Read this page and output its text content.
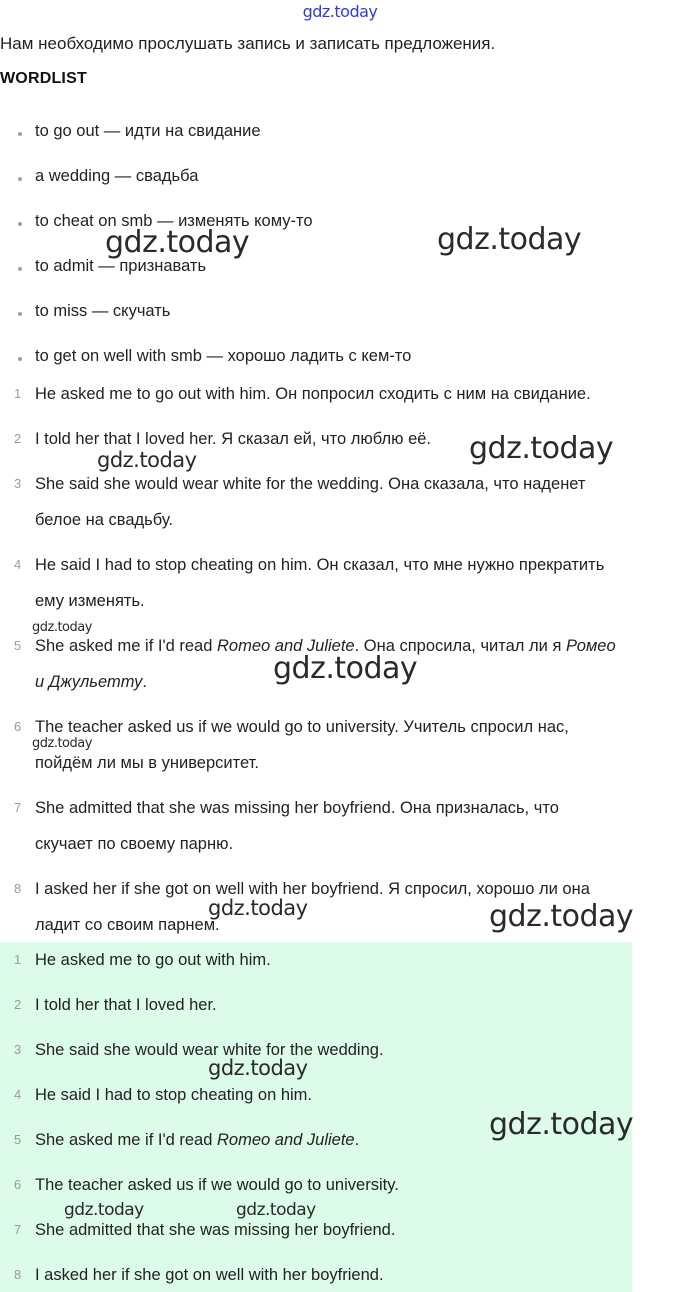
gdz.today
Нам необходимо прослушать запись и записать предложения.
WORDLIST
to go out — идти на свидание
a wedding — свадьба
to cheat on smb — изменять кому-то
to admit — признавать
to miss — скучать
to get on well with smb — хорошо ладить с кем-то
1 He asked me to go out with him. Он попросил сходить с ним на свидание.
2 I told her that I loved her. Я сказал ей, что люблю её.
3 She said she would wear white for the wedding. Она сказала, что наденет
белое на свадьбу.
4 He said I had to stop cheating on him. Он сказал, что мне нужно прекратить
ему изменять.
5 She asked me if I'd read Romeo and Juliete. Она спросила, читал ли я Ромео
и Джульетту.
6 The teacher asked us if we would go to university. Учитель спросил нас,
пойдём ли мы в университет.
7 She admitted that she was missing her boyfriend. Она призналась, что
скучает по своему парню.
8 I asked her if she got on well with her boyfriend. Я спросил, хорошо ли она
ладит со своим парнем.
1 He asked me to go out with him.
2 I told her that I loved her.
3 She said she would wear white for the wedding.
4 He said I had to stop cheating on him.
5 She asked me if I'd read Romeo and Juliete.
6 The teacher asked us if we would go to university.
7 She admitted that she was missing her boyfriend.
8 I asked her if she got on well with her boyfriend.
gdz.today	gdz.today
gdz.today
gdz.today
gdz.today
gdz.today
gdz.today
gdz.today	gdz.today
gdz.today
gdz.today
gdz.today	gdz.today
